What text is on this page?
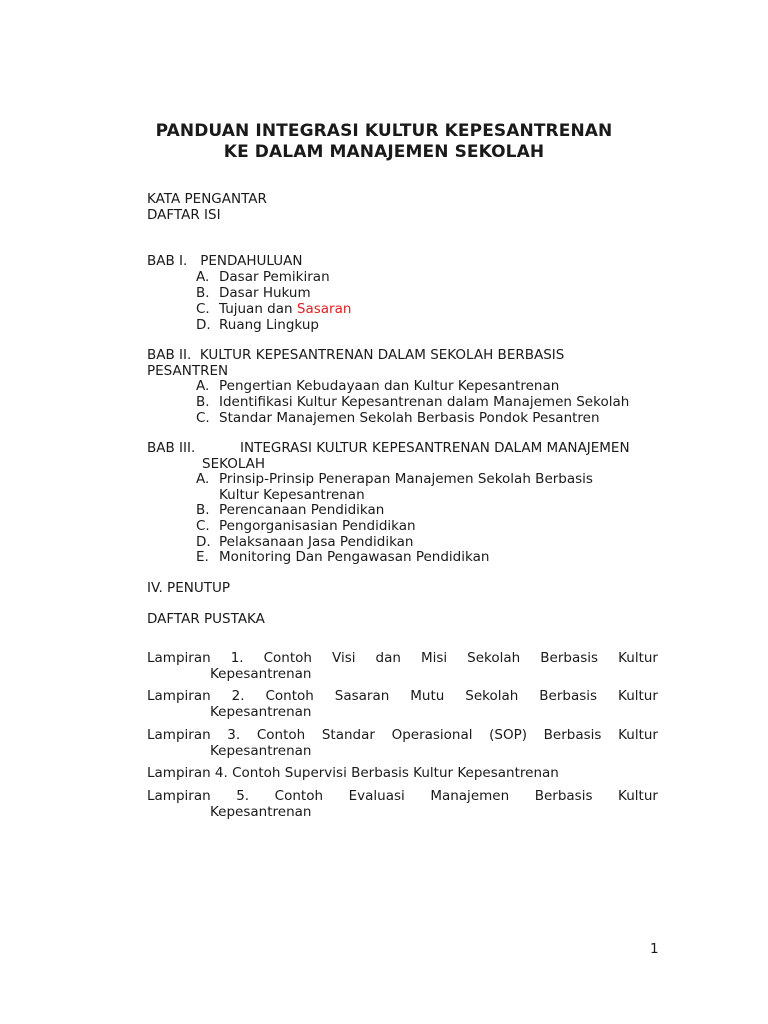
PANDUAN INTEGRASI KULTUR KEPESANTRENAN
KE DALAM MANAJEMEN SEKOLAH
KATA PENGANTAR
DAFTAR ISI
BAB I.   PENDAHULUAN
A. Dasar Pemikiran
B. Dasar Hukum
C. Tujuan dan Sasaran
D. Ruang Lingkup
BAB II.  KULTUR KEPESANTRENAN DALAM SEKOLAH BERBASIS
PESANTREN
A. Pengertian Kebudayaan dan Kultur Kepesantrenan
B. Identifikasi Kultur Kepesantrenan dalam Manajemen Sekolah
C. Standar Manajemen Sekolah Berbasis Pondok Pesantren
BAB III.	INTEGRASI KULTUR KEPESANTRENAN DALAM MANAJEMEN
SEKOLAH
A. Prinsip-Prinsip Penerapan Manajemen Sekolah Berbasis
Kultur Kepesantrenan
B. Perencanaan Pendidikan
C. Pengorganisasian Pendidikan
D. Pelaksanaan Jasa Pendidikan
E. Monitoring Dan Pengawasan Pendidikan
IV. PENUTUP
DAFTAR PUSTAKA
Lampiran 1. Contoh Visi dan Misi Sekolah Berbasis Kultur
Kepesantrenan
Lampiran 2. Contoh Sasaran Mutu Sekolah Berbasis Kultur
Kepesantrenan
Lampiran 3. Contoh Standar Operasional (SOP) Berbasis Kultur
Kepesantrenan
Lampiran 4. Contoh Supervisi Berbasis Kultur Kepesantrenan
Lampiran 5. Contoh Evaluasi Manajemen Berbasis Kultur
Kepesantrenan
1
